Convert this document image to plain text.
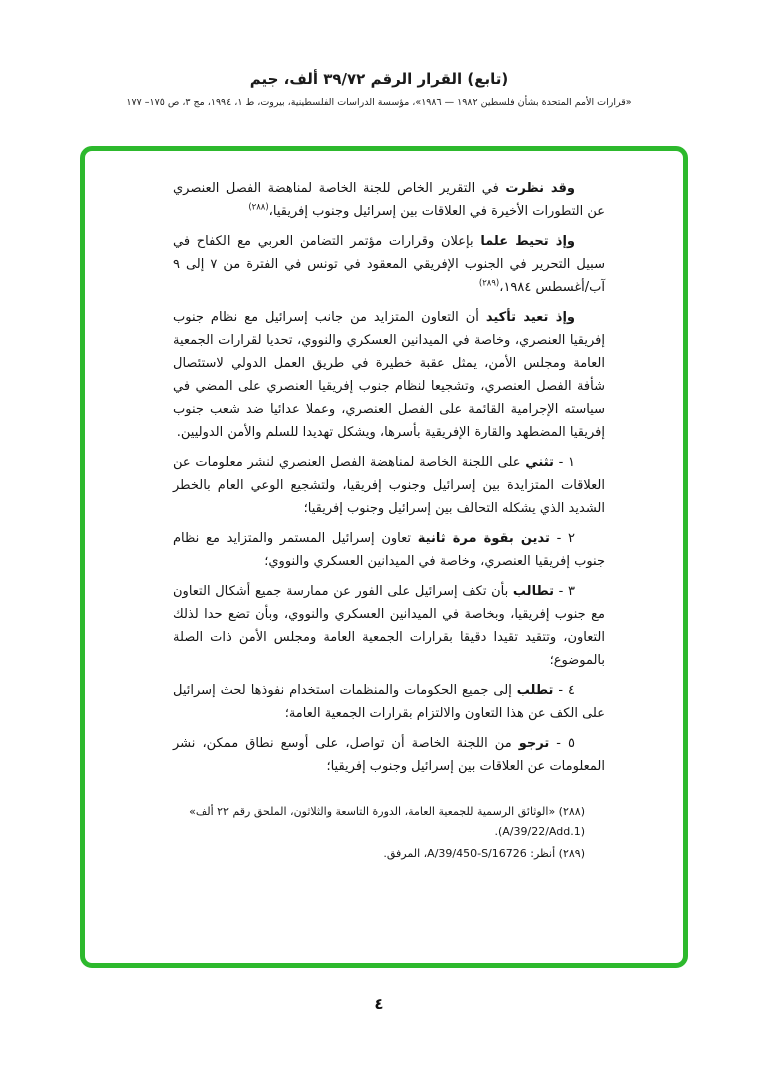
(تابع) القرار الرقم ٣٩/٧٢ ألف، جيم
«قرارات الأمم المتحدة بشأن فلسطين ١٩٨٢ — ١٩٨٦»، مؤسسة الدراسات الفلسطينية، بيروت، ط ١، ١٩٩٤، مج ٣، ص ١٧٥– ١٧٧

وقد نظرت في التقرير الخاص للجنة الخاصة لمناهضة الفصل العنصري عن التطورات الأخيرة في العلاقات بين إسرائيل وجنوب إفريقيا،$^{(٢٨٨)}$

وإذ تحيط علما بإعلان وقرارات مؤتمر التضامن العربي مع الكفاح في سبيل التحرير في الجنوب الإفريقي المعقود في تونس في الفترة من ٧ إلى ٩ آب/أغسطس ١٩٨٤،$^{(٢٨٩)}$

وإذ تعيد تأكيد أن التعاون المتزايد من جانب إسرائيل مع نظام جنوب إفريقيا العنصري، وخاصة في الميدانين العسكري والنووي، تحديا لقرارات الجمعية العامة ومجلس الأمن، يمثل عقبة خطيرة في طريق العمل الدولي لاستئصال شأفة الفصل العنصري، وتشجيعا لنظام جنوب إفريقيا العنصري على المضي في سياسته الإجرامية القائمة على الفصل العنصري، وعملا عدائيا ضد شعب جنوب إفريقيا المضطهد والقارة الإفريقية بأسرها، ويشكل تهديدا للسلم والأمن الدوليين.

١ - تثني على اللجنة الخاصة لمناهضة الفصل العنصري لنشر معلومات عن العلاقات المتزايدة بين إسرائيل وجنوب إفريقيا، ولتشجيع الوعي العام بالخطر الشديد الذي يشكله التحالف بين إسرائيل وجنوب إفريقيا؛

٢ - تدين بقوة مرة ثانية تعاون إسرائيل المستمر والمتزايد مع نظام جنوب إفريقيا العنصري، وخاصة في الميدانين العسكري والنووي؛

٣ - تطالب بأن تكف إسرائيل على الفور عن ممارسة جميع أشكال التعاون مع جنوب إفريقيا، وبخاصة في الميدانين العسكري والنووي، وبأن تضع حدا لذلك التعاون، وتتقيد تقيدا دقيقا بقرارات الجمعية العامة ومجلس الأمن ذات الصلة بالموضوع؛

٤ - تطلب إلى جميع الحكومات والمنظمات استخدام نفوذها لحث إسرائيل على الكف عن هذا التعاون والالتزام بقرارات الجمعية العامة؛

٥ - ترجو من اللجنة الخاصة أن تواصل، على أوسع نطاق ممكن، نشر المعلومات عن العلاقات بين إسرائيل وجنوب إفريقيا؛

(٢٨٨) «الوثائق الرسمية للجمعية العامة، الدورة التاسعة والثلاثون، الملحق رقم ٢٢ ألف» (A/39/22/Add.1).

(٢٨٩) أنظر: A/39/450-S/16726، المرفق.

٤
